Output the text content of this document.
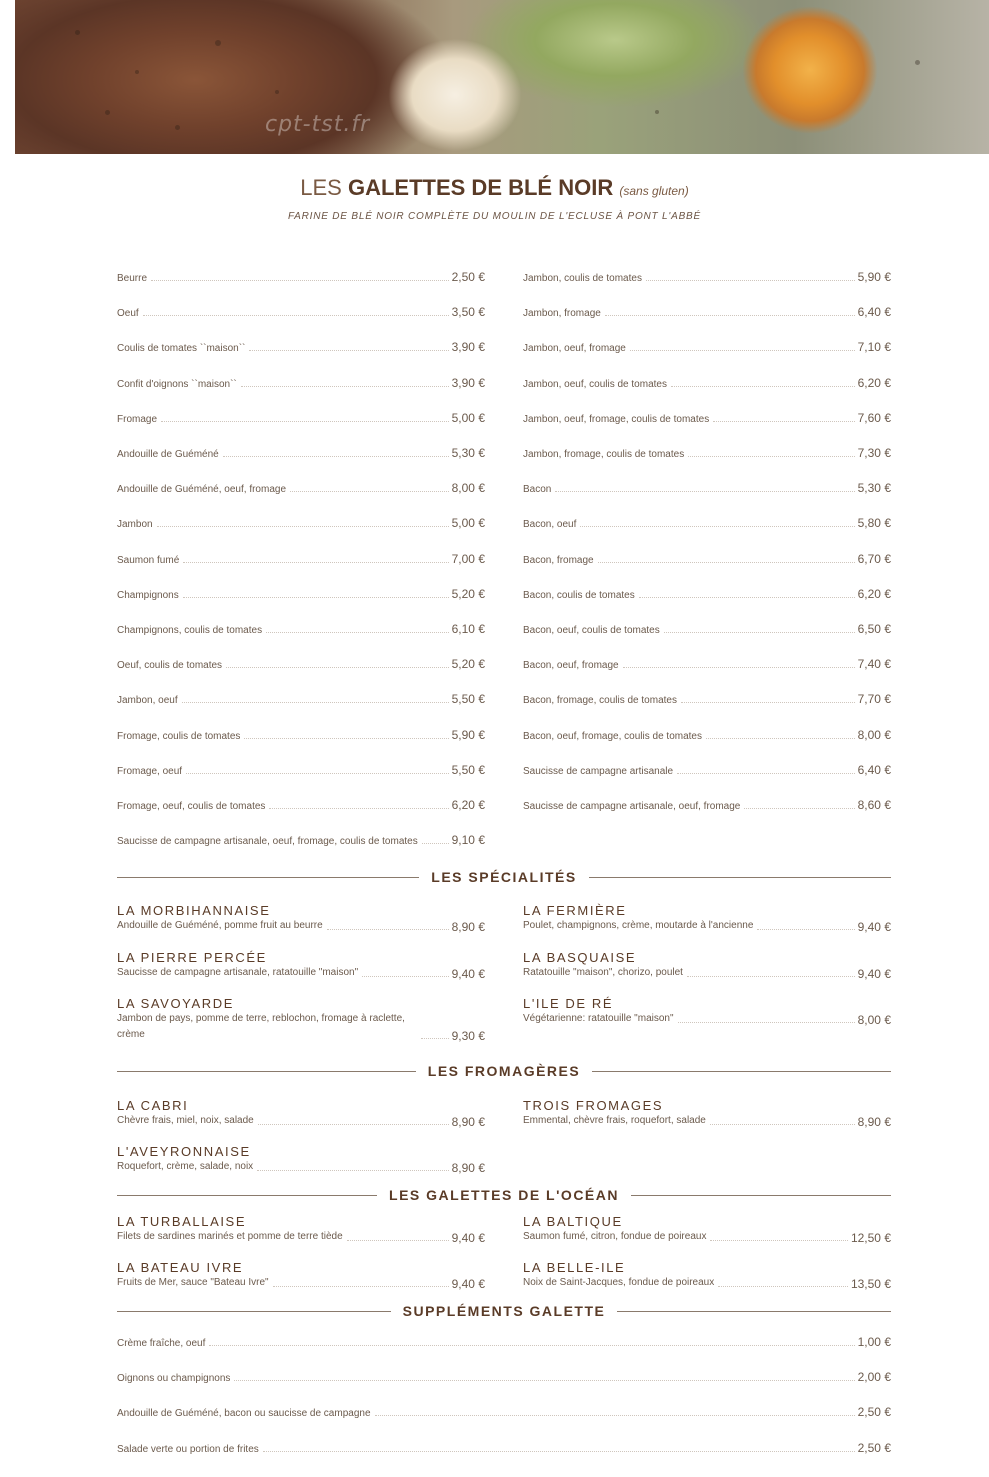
cpt-tst.fr
LES GALETTES DE BLÉ NOIR (sans gluten)
FARINE DE BLÉ NOIR COMPLÈTE DU MOULIN DE L'ECLUSE À PONT L'ABBÉ
Beurre	2,50 €
Oeuf	3,50 €
Coulis de tomates ``maison``	3,90 €
Confit d'oignons ``maison``	3,90 €
Fromage	5,00 €
Andouille de Guéméné	5,30 €
Andouille de Guéméné, oeuf, fromage	8,00 €
Jambon	5,00 €
Saumon fumé	7,00 €
Champignons	5,20 €
Champignons, coulis de tomates	6,10 €
Oeuf, coulis de tomates	5,20 €
Jambon, oeuf	5,50 €
Fromage, coulis de tomates	5,90 €
Fromage, oeuf	5,50 €
Fromage, oeuf, coulis de tomates	6,20 €
Saucisse de campagne artisanale, oeuf, fromage, coulis de tomates	9,10 €
Jambon, coulis de tomates	5,90 €
Jambon, fromage	6,40 €
Jambon, oeuf, fromage	7,10 €
Jambon, oeuf, coulis de tomates	6,20 €
Jambon, oeuf, fromage, coulis de tomates	7,60 €
Jambon, fromage, coulis de tomates	7,30 €
Bacon	5,30 €
Bacon, oeuf	5,80 €
Bacon, fromage	6,70 €
Bacon, coulis de tomates	6,20 €
Bacon, oeuf, coulis de tomates	6,50 €
Bacon, oeuf, fromage	7,40 €
Bacon, fromage, coulis de tomates	7,70 €
Bacon, oeuf, fromage, coulis de tomates	8,00 €
Saucisse de campagne artisanale	6,40 €
Saucisse de campagne artisanale, oeuf, fromage	8,60 €
LES SPÉCIALITÉS
LES FROMAGÈRES
LES GALETTES DE L'OCÉAN
SUPPLÉMENTS GALETTE
LA MORBIHANNAISE
Andouille de Guéméné, pomme fruit au beurre	8,90 €
LA FERMIÈRE
Poulet, champignons, crème, moutarde à l'ancienne	9,40 €
LA PIERRE PERCÉE
Saucisse de campagne artisanale, ratatouille "maison"	9,40 €
LA BASQUAISE
Ratatouille "maison", chorizo, poulet	9,40 €
LA SAVOYARDE
Jambon de pays, pomme de terre, reblochon, fromage à raclette, crème	9,30 €
L'ILE DE RÉ
Végétarienne: ratatouille "maison"	8,00 €
LA CABRI
Chèvre frais, miel, noix, salade	8,90 €
TROIS FROMAGES
Emmental, chèvre frais, roquefort, salade	8,90 €
L'AVEYRONNAISE
Roquefort, crème, salade, noix	8,90 €
LA TURBALLAISE
Filets de sardines marinés et pomme de terre tiède	9,40 €
LA BALTIQUE
Saumon fumé, citron, fondue de poireaux	12,50 €
LA BATEAU IVRE
Fruits de Mer, sauce "Bateau Ivre"	9,40 €
LA BELLE-ILE
Noix de Saint-Jacques, fondue de poireaux	13,50 €
Crème fraîche, oeuf	1,00 €
Oignons ou champignons	2,00 €
Andouille de Guéméné, bacon ou saucisse de campagne	2,50 €
Salade verte ou portion de frites	2,50 €
